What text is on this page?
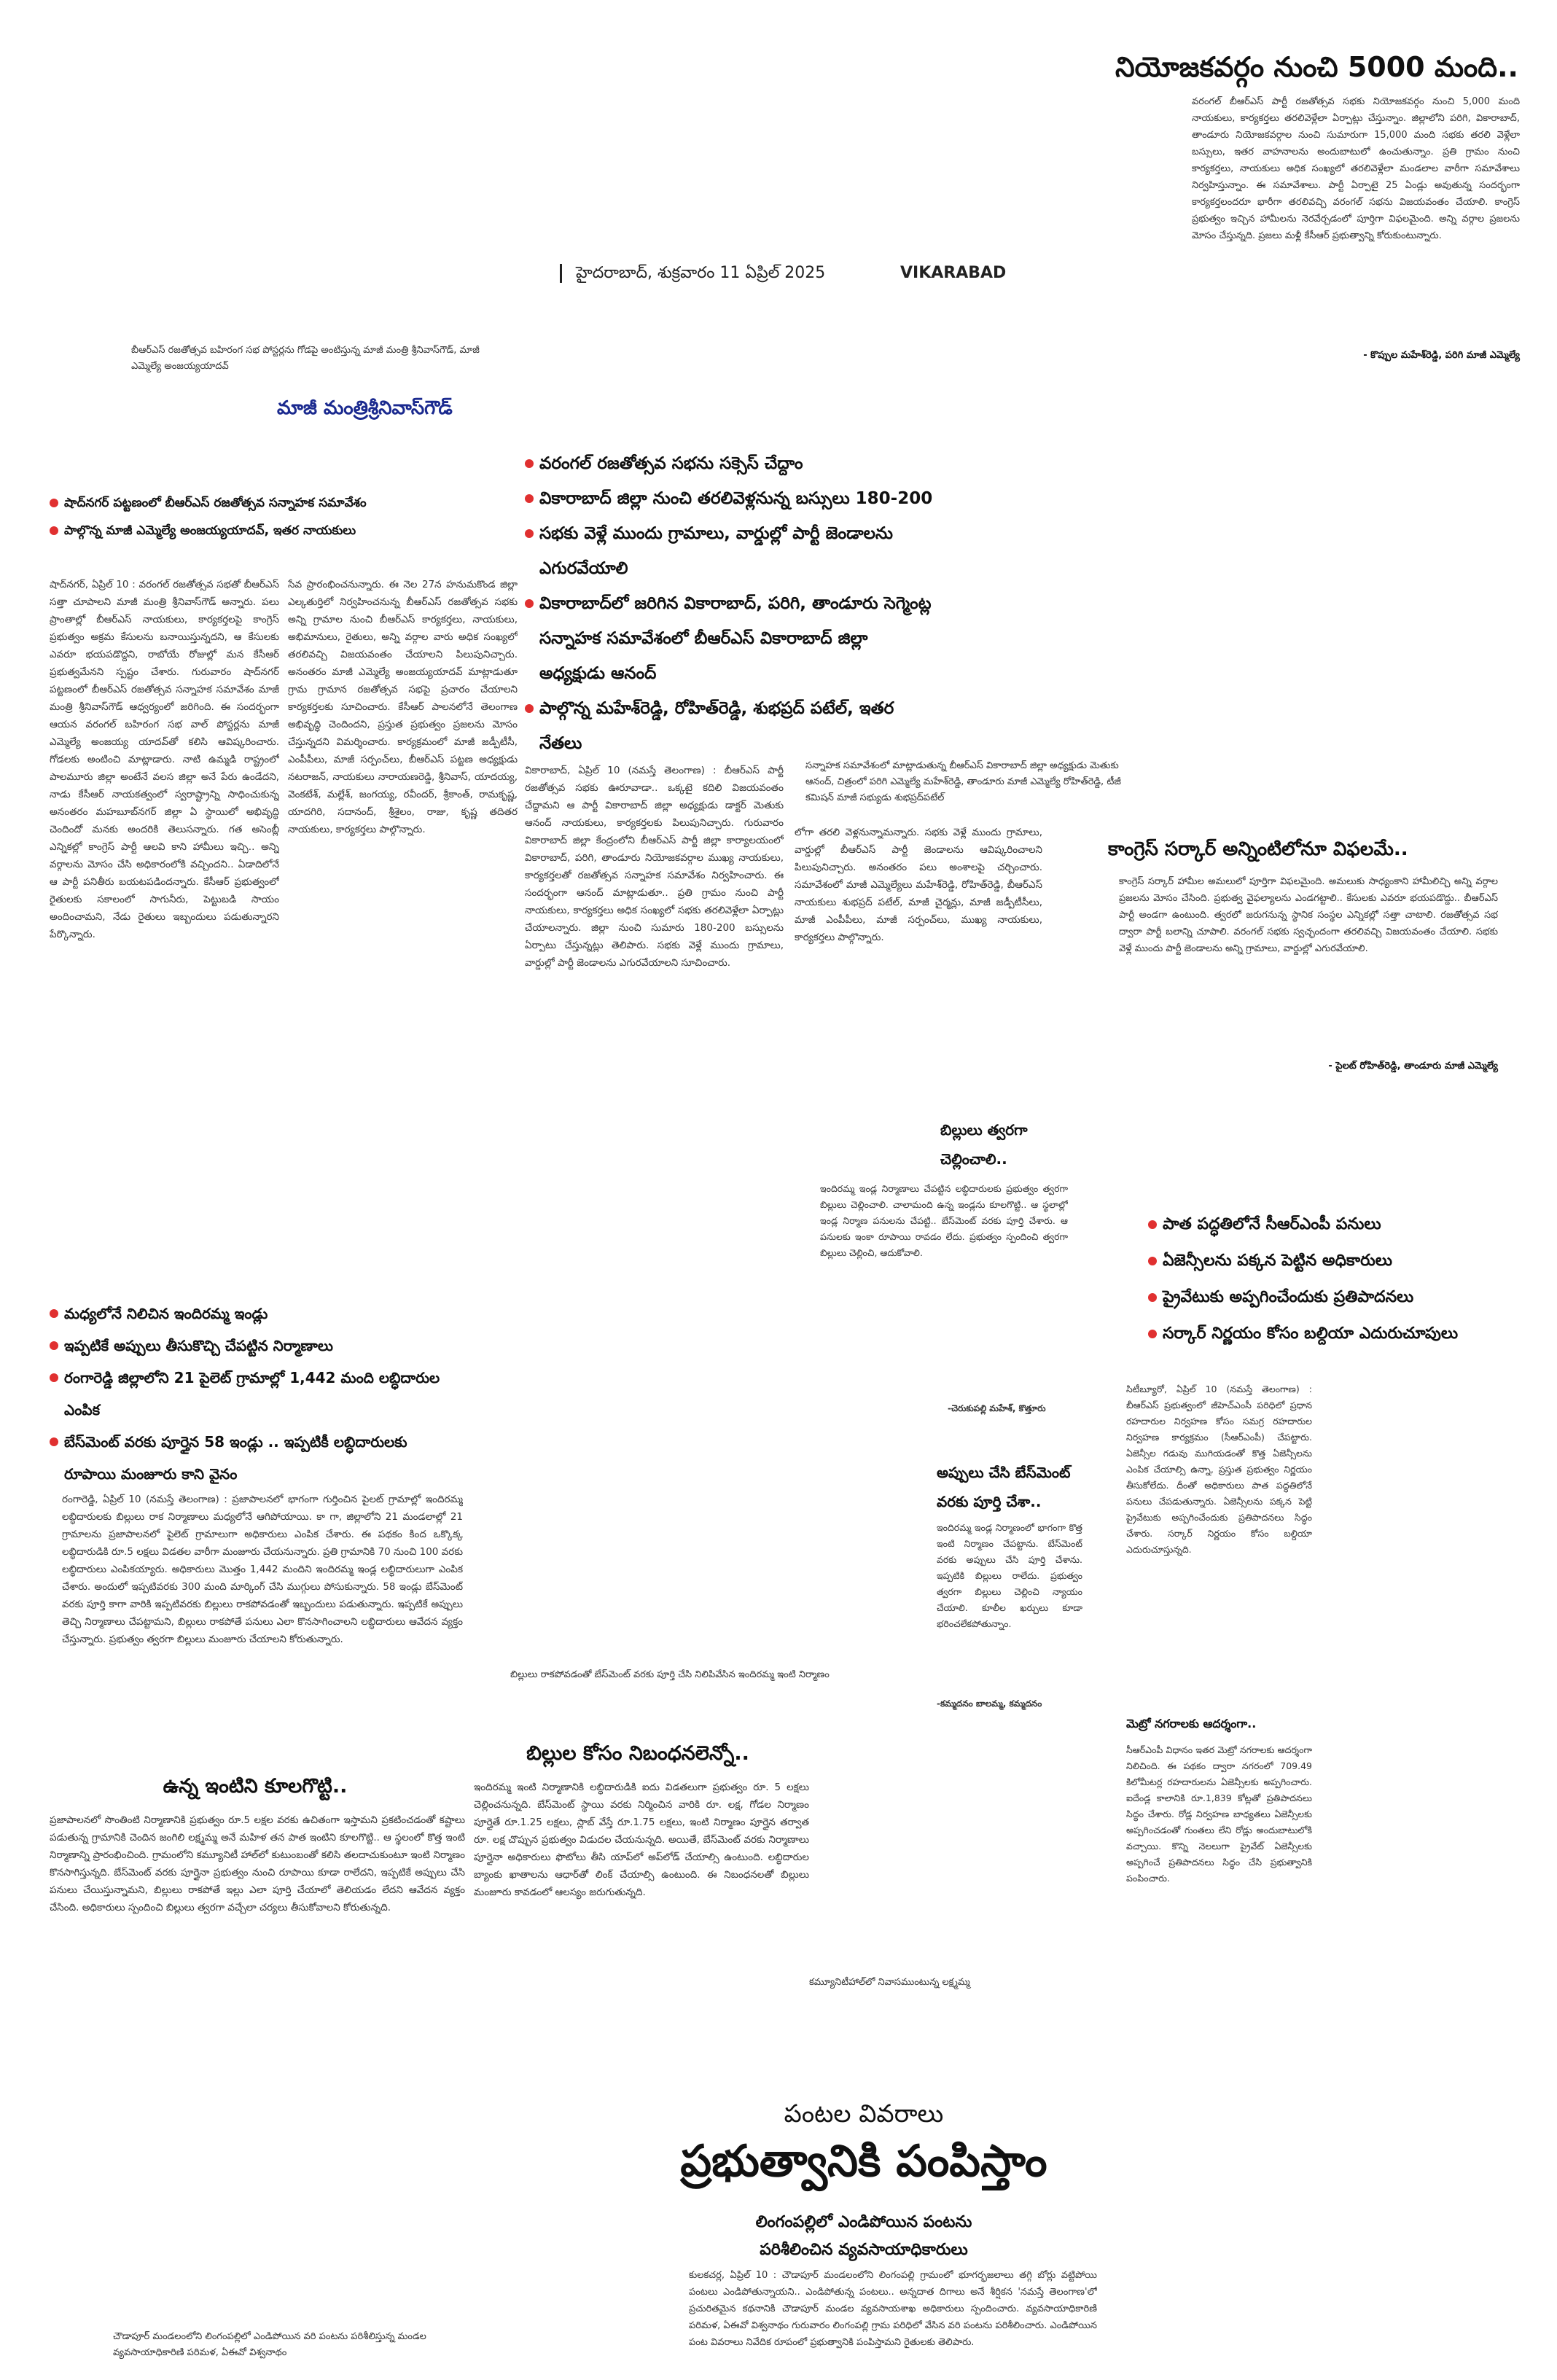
నియోజకవర్గం నుంచి 5000 మంది..
వరంగల్‌ బీఆర్‌ఎస్‌ పార్టీ రజతోత్సవ సభకు నియోజకవర్గం నుంచి 5,000 మంది నాయకులు, కార్యకర్తలు తరలివెళ్లేలా ఏర్పాట్లు చేస్తున్నాం. జిల్లాలోని పరిగి, వికారాబాద్‌, తాండూరు నియోజకవర్గాల నుంచి సుమారుగా 15,000 మంది సభకు తరలి వెళ్లేలా బస్సులు, ఇతర వాహనాలను అందుబాటులో ఉంచుతున్నాం. ప్రతి గ్రామం నుంచి కార్యకర్తలు, నాయకులు అధిక సంఖ్యలో తరలివెళ్లేలా మండలాల వారీగా సమావేశాలు నిర్వహిస్తున్నాం. ఈ సమావేశాలు. పార్టీ ఏర్పాటై 25 ఏండ్లు అవుతున్న సందర్భంగా కార్యకర్తలందరూ భారీగా తరలివచ్చి వరంగల్‌ సభను విజయవంతం చేయాలి. కాంగ్రెస్‌ ప్రభుత్వం ఇచ్చిన హామీలను నెరవేర్చడంలో పూర్తిగా విఫలమైంది. అన్ని వర్గాల ప్రజలను మోసం చేస్తున్నది. ప్రజలు మళ్లీ కేసీఆర్‌ ప్రభుత్వాన్ని కోరుకుంటున్నారు.
- కొప్పుల మహేశ్‌రెడ్డి, పరిగి మాజీ ఎమ్మెల్యే
హైదరాబాద్‌, శుక్రవారం 11 ఏప్రిల్‌ 2025	VIKARABAD
బీఆర్‌ఎస్‌ రజతోత్సవ బహిరంగ సభ పోస్టర్లను గోడపై అంటిస్తున్న మాజీ మంత్రి శ్రీనివాస్‌గౌడ్‌, మాజీ ఎమ్మెల్యే అంజయ్యయాదవ్‌
మాజీ మంత్రిశ్రీనివాస్‌గౌడ్‌
షాద్‌నగర్‌ పట్టణంలో బీఆర్‌ఎస్‌ రజతోత్సవ సన్నాహక సమావేశం
పాల్గొన్న మాజీ ఎమ్మెల్యే అంజయ్యయాదవ్‌, ఇతర నాయకులు
షాద్‌నగర్‌, ఏప్రిల్‌ 10 : వరంగల్‌ రజతోత్సవ సభతో బీఆర్‌ఎస్‌ సత్తా చూపాలని మాజీ మంత్రి శ్రీనివాస్‌గౌడ్‌ అన్నారు. పలు ప్రాంతాల్లో బీఆర్‌ఎస్‌ నాయకులు, కార్యకర్తలపై కాంగ్రెస్‌ ప్రభుత్వం అక్రమ కేసులను బనాయిస్తున్నదని, ఆ కేసులకు ఎవరూ భయపడొద్దని, రాబోయే రోజుల్లో మన కేసీఆర్‌ ప్రభుత్వమేనని స్పష్టం చేశారు. గురువారం షాద్‌నగర్‌ పట్టణంలో బీఆర్‌ఎస్‌ రజతోత్సవ సన్నాహక సమావేశం మాజీ మంత్రి శ్రీనివాస్‌గౌడ్‌ ఆధ్వర్యంలో జరిగింది. ఈ సందర్భంగా ఆయన వరంగల్‌ బహిరంగ సభ వాల్‌ పోస్టర్లను మాజీ ఎమ్మెల్యే అంజయ్య యాదవ్‌తో కలిసి ఆవిష్కరించారు. గోడలకు అంటించి మాట్లాడారు. నాటి ఉమ్మడి రాష్ట్రంలో పాలమూరు జిల్లా అంటేనే వలస జిల్లా అనే పేరు ఉండేదని, నాడు కేసీఆర్‌ నాయకత్వంలో స్వరాష్ట్రాన్ని సాధించుకున్న అనంతరం మహబూబ్‌నగర్‌ జిల్లా ఏ స్థాయిలో అభివృద్ధి చెందిందో మనకు అందరికి తెలుసన్నారు. గత అసెంబ్లీ ఎన్నికల్లో కాంగ్రెస్‌ పార్టీ ఆలవి కాని హామీలు ఇచ్చి.. అన్ని వర్గాలను మోసం చేసి అధికారంలోకి వచ్చిందని.. ఏడాదిలోనే ఆ పార్టీ పనితీరు బయటపడిందన్నారు. కేసీఆర్‌ ప్రభుత్వంలో రైతులకు సకాలంలో సాగునీరు, పెట్టుబడి సాయం అందించామని, నేడు రైతులు ఇబ్బందులు పడుతున్నారని పేర్కొన్నారు.
సేవ ప్రారంభించనున్నారు. ఈ నెల 27న హనుమకొండ జిల్లా ఎల్కతుర్తిలో నిర్వహించనున్న బీఆర్‌ఎస్‌ రజతోత్సవ సభకు అన్ని గ్రామాల నుంచి బీఆర్‌ఎస్‌ కార్యకర్తలు, నాయకులు, అభిమానులు, రైతులు, అన్ని వర్గాల వారు అధిక సంఖ్యలో తరలివచ్చి విజయవంతం చేయాలని పిలుపునిచ్చారు. అనంతరం మాజీ ఎమ్మెల్యే అంజయ్యయాదవ్‌ మాట్లాడుతూ గ్రామ గ్రామాన రజతోత్సవ సభపై ప్రచారం చేయాలని కార్యకర్తలకు సూచించారు. కేసీఆర్‌ పాలనలోనే తెలంగాణ అభివృద్ధి చెందిందని, ప్రస్తుత ప్రభుత్వం ప్రజలను మోసం చేస్తున్నదని విమర్శించారు. కార్యక్రమంలో మాజీ జడ్పీటీసీ, ఎంపీపీలు, మాజీ సర్పంచ్‌లు, బీఆర్‌ఎస్‌ పట్టణ అధ్యక్షుడు నటరాజన్‌, నాయకులు నారాయణరెడ్డి, శ్రీనివాస్‌, యాదయ్య, వెంకటేశ్‌, మల్లేశ్‌, జంగయ్య, రవీందర్‌, శ్రీకాంత్‌, రామకృష్ణ, యాదగిరి, సదానంద్‌, శ్రీశైలం, రాజు, కృష్ణ తదితర నాయకులు, కార్యకర్తలు పాల్గొన్నారు.
వరంగల్‌ రజతోత్సవ సభను సక్సెస్‌ చేద్దాం
వికారాబాద్‌ జిల్లా నుంచి తరలివెళ్లనున్న బస్సులు 180-200
సభకు వెళ్లే ముందు గ్రామాలు, వార్డుల్లో పార్టీ జెండాలను ఎగురవేయాలి
వికారాబాద్‌లో జరిగిన వికారాబాద్‌, పరిగి, తాండూరు సెగ్మెంట్ల సన్నాహక సమావేశంలో బీఆర్‌ఎస్‌ వికారాబాద్‌ జిల్లా అధ్యక్షుడు ఆనంద్‌
పాల్గొన్న మహేశ్‌రెడ్డి, రోహిత్‌రెడ్డి, శుభప్రద్‌ పటేల్‌, ఇతర నేతలు
వికారాబాద్‌, ఏప్రిల్‌ 10 (నమస్తే తెలంగాణ) : బీఆర్‌ఎస్‌ పార్టీ రజతోత్సవ సభకు ఊరూవాడా.. ఒక్కటై కదిలి విజయవంతం చేద్దామని ఆ పార్టీ వికారాబాద్‌ జిల్లా అధ్యక్షుడు డాక్టర్‌ మెతుకు ఆనంద్‌ నాయకులు, కార్యకర్తలకు పిలుపునిచ్చారు. గురువారం వికారాబాద్‌ జిల్లా కేంద్రంలోని బీఆర్‌ఎస్‌ పార్టీ జిల్లా కార్యాలయంలో వికారాబాద్‌, పరిగి, తాండూరు నియోజకవర్గాల ముఖ్య నాయకులు, కార్యకర్తలతో రజతోత్సవ సన్నాహక సమావేశం నిర్వహించారు. ఈ సందర్భంగా ఆనంద్‌ మాట్లాడుతూ.. ప్రతి గ్రామం నుంచి పార్టీ నాయకులు, కార్యకర్తలు అధిక సంఖ్యలో సభకు తరలివెళ్లేలా ఏర్పాట్లు చేయాలన్నారు. జిల్లా నుంచి సుమారు 180-200 బస్సులను ఏర్పాటు చేస్తున్నట్లు తెలిపారు. సభకు వెళ్లే ముందు గ్రామాలు, వార్డుల్లో పార్టీ జెండాలను ఎగురవేయాలని సూచించారు.
లోగా తరలి వెళ్లనున్నామన్నారు. సభకు వెళ్లే ముందు గ్రామాలు, వార్డుల్లో బీఆర్‌ఎస్‌ పార్టీ జెండాలను ఆవిష్కరించాలని పిలుపునిచ్చారు. అనంతరం పలు అంశాలపై చర్చించారు. సమావేశంలో మాజీ ఎమ్మెల్యేలు మహేశ్‌రెడ్డి, రోహిత్‌రెడ్డి, బీఆర్‌ఎస్‌ నాయకులు శుభప్రద్‌ పటేల్‌, మాజీ చైర్మన్లు, మాజీ జడ్పీటీసీలు, మాజీ ఎంపీపీలు, మాజీ సర్పంచ్‌లు, ముఖ్య నాయకులు, కార్యకర్తలు పాల్గొన్నారు.
సన్నాహక సమావేశంలో మాట్లాడుతున్న బీఆర్‌ఎస్‌ వికారాబాద్‌ జిల్లా అధ్యక్షుడు మెతుకు ఆనంద్‌, చిత్రంలో పరిగి ఎమ్మెల్యే మహేశ్‌రెడ్డి, తాండూరు మాజీ ఎమ్మెల్యే రోహిత్‌రెడ్డి, టీజీ కమిషన్‌ మాజీ సభ్యుడు శుభప్రద్‌పటేల్‌
కాంగ్రెస్‌ సర్కార్‌ అన్నింటిలోనూ విఫలమే..
కాంగ్రెస్‌ సర్కార్‌ హామీల అమలులో పూర్తిగా విఫలమైంది. అమలుకు సాధ్యంకాని హామీలిచ్చి అన్ని వర్గాల ప్రజలను మోసం చేసింది. ప్రభుత్వ వైఫల్యాలను ఎండగట్టాలి.. కేసులకు ఎవరూ భయపడొద్దు.. బీఆర్‌ఎస్‌ పార్టీ అండగా ఉంటుంది. త్వరలో జరుగనున్న స్థానిక సంస్థల ఎన్నికల్లో సత్తా చాటాలి. రజతోత్సవ సభ ద్వారా పార్టీ బలాన్ని చూపాలి. వరంగల్‌ సభకు స్వచ్ఛందంగా తరలివచ్చి విజయవంతం చేయాలి. సభకు వెళ్లే ముందు పార్టీ జెండాలను అన్ని గ్రామాలు, వార్డుల్లో ఎగురవేయాలి.
- పైలట్‌ రోహిత్‌రెడ్డి, తాండూరు మాజీ ఎమ్మెల్యే
బిల్లులు త్వరగా చెల్లించాలి..
ఇందిరమ్మ ఇండ్ల నిర్మాణాలు చేపట్టిన లబ్ధిదారులకు ప్రభుత్వం త్వరగా బిల్లులు చెల్లించాలి. చాలామంది ఉన్న ఇండ్లను కూలగొట్టి.. ఆ స్థలాల్లో ఇండ్ల నిర్మాణ పనులను చేపట్టి.. బేస్‌మెంట్‌ వరకు పూర్తి చేశారు. ఆ పనులకు ఇంకా రూపాయి రావడం లేదు. ప్రభుత్వం స్పందించి త్వరగా బిల్లులు చెల్లించి, ఆదుకోవాలి.
-చెరుకుపల్లి మహేశ్‌, కొత్తూరు
అప్పులు చేసి బేస్‌మెంట్‌ వరకు పూర్తి చేశా..
ఇందిరమ్మ ఇండ్ల నిర్మాణంలో భాగంగా కొత్త ఇంటి నిర్మాణం చేపట్టాను. బేస్‌మెంట్‌ వరకు అప్పులు చేసి పూర్తి చేశాను. ఇప్పటికి బిల్లులు రాలేదు. ప్రభుత్వం త్వరగా బిల్లులు చెల్లించి న్యాయం చేయాలి. కూలీల ఖర్చులు కూడా భరించలేకపోతున్నాం.
-కమ్మదనం బాలమ్మ, కమ్మదనం
పాత పద్ధతిలోనే సీఆర్‌ఎంపీ పనులు
ఏజెన్సీలను పక్కన పెట్టిన అధికారులు
ప్రైవేటుకు అప్పగించేందుకు ప్రతిపాదనలు
సర్కార్‌ నిర్ణయం కోసం బల్దియా ఎదురుచూపులు
సిటీబ్యూరో, ఏప్రిల్‌ 10 (నమస్తే తెలంగాణ) : బీఆర్‌ఎస్‌ ప్రభుత్వంలో జీహెచ్‌ఎంసీ పరిధిలో ప్రధాన రహదారుల నిర్వహణ కోసం సమగ్ర రహదారుల నిర్వహణ కార్యక్రమం (సీఆర్‌ఎంపీ) చేపట్టారు. ఏజెన్సీల గడువు ముగియడంతో కొత్త ఏజెన్సీలను ఎంపిక చేయాల్సి ఉన్నా, ప్రస్తుత ప్రభుత్వం నిర్ణయం తీసుకోలేదు. దీంతో అధికారులు పాత పద్ధతిలోనే పనులు చేపడుతున్నారు. ఏజెన్సీలను పక్కన పెట్టి ప్రైవేటుకు అప్పగించేందుకు ప్రతిపాదనలు సిద్ధం చేశారు. సర్కార్‌ నిర్ణయం కోసం బల్దియా ఎదురుచూస్తున్నది.
మెట్రో నగరాలకు ఆదర్శంగా..
సీఆర్‌ఎంపీ విధానం ఇతర మెట్రో నగరాలకు ఆదర్శంగా నిలిచింది. ఈ పథకం ద్వారా నగరంలో 709.49 కిలోమీటర్ల రహదారులను ఏజెన్సీలకు అప్పగించారు. ఐదేండ్ల కాలానికి రూ.1,839 కోట్లతో ప్రతిపాదనలు సిద్ధం చేశారు. రోడ్ల నిర్వహణ బాధ్యతలు ఏజెన్సీలకు అప్పగించడంతో గుంతలు లేని రోడ్లు అందుబాటులోకి వచ్చాయి. కొన్ని నెలలుగా ప్రైవేట్‌ ఏజెన్సీలకు అప్పగించే ప్రతిపాదనలు సిద్ధం చేసి ప్రభుత్వానికి పంపించారు.
మధ్యలోనే నిలిచిన ఇందిరమ్మ ఇండ్లు
ఇప్పటికే అప్పులు తీసుకొచ్చి చేపట్టిన నిర్మాణాలు
రంగారెడ్డి జిల్లాలోని 21 పైలెట్‌ గ్రామాల్లో 1,442 మంది లబ్ధిదారుల ఎంపిక
బేస్‌మెంట్‌ వరకు పూర్తైన 58 ఇండ్లు .. ఇప్పటికీ లబ్ధిదారులకు రూపాయి మంజూరు కాని వైనం
రంగారెడ్డి, ఏప్రిల్‌ 10 (నమస్తే తెలంగాణ) : ప్రజాపాలనలో భాగంగా గుర్తించిన పైలట్‌ గ్రామాల్లో ఇందిరమ్మ లబ్ధిదారులకు బిల్లులు రాక నిర్మాణాలు మధ్యలోనే ఆగిపోయాయి. కా గా, జిల్లాలోని 21 మండలాల్లో 21 గ్రామాలను ప్రజాపాలనలో పైలెట్‌ గ్రామాలుగా అధికారులు ఎంపిక చేశారు. ఈ పథకం కింద ఒక్కొక్క లబ్ధిదారుడికి రూ.5 లక్షలు విడతల వారీగా మంజూరు చేయనున్నారు. ప్రతి గ్రామానికి 70 నుంచి 100 వరకు లబ్ధిదారులు ఎంపికయ్యారు. అధికారులు మొత్తం 1,442 మందిని ఇందిరమ్మ ఇండ్ల లబ్ధిదారులుగా ఎంపిక చేశారు. అందులో ఇప్పటివరకు 300 మంది మార్కింగ్‌ చేసి ముగ్గులు పోసుకున్నారు. 58 ఇండ్లు బేస్‌మెంట్‌ వరకు పూర్తి కాగా వారికి ఇప్పటివరకు బిల్లులు రాకపోవడంతో ఇబ్బందులు పడుతున్నారు. ఇప్పటికే అప్పులు తెచ్చి నిర్మాణాలు చేపట్టామని, బిల్లులు రాకపోతే పనులు ఎలా కొనసాగించాలని లబ్ధిదారులు ఆవేదన వ్యక్తం చేస్తున్నారు. ప్రభుత్వం త్వరగా బిల్లులు మంజూరు చేయాలని కోరుతున్నారు.
ఉన్న ఇంటిని కూలగొట్టి..
ప్రజాపాలనలో సొంతింటి నిర్మాణానికి ప్రభుత్వం రూ.5 లక్షల వరకు ఉచితంగా ఇస్తామని ప్రకటించడంతో కష్టాలు పడుతున్న గ్రామానికి చెందిన జంగిలి లక్ష్మమ్మ అనే మహిళ తన పాత ఇంటిని కూలగొట్టి.. ఆ స్థలంలో కొత్త ఇంటి నిర్మాణాన్ని ప్రారంభించింది. గ్రామంలోని కమ్యూనిటీ హాల్‌లో కుటుంబంతో కలిసి తలదాచుకుంటూ ఇంటి నిర్మాణం కొనసాగిస్తున్నది. బేస్‌మెంట్‌ వరకు పూర్తైనా ప్రభుత్వం నుంచి రూపాయి కూడా రాలేదని, ఇప్పటికే అప్పులు చేసి పనులు చేయిస్తున్నామని, బిల్లులు రాకపోతే ఇల్లు ఎలా పూర్తి చేయాలో తెలియడం లేదని ఆవేదన వ్యక్తం చేసింది. అధికారులు స్పందించి బిల్లులు త్వరగా వచ్చేలా చర్యలు తీసుకోవాలని కోరుతున్నది.
బిల్లులు రాకపోవడంతో బేస్‌మెంట్‌ వరకు పూర్తి చేసి నిలిపివేసిన ఇందిరమ్మ ఇంటి నిర్మాణం
బిల్లుల కోసం నిబంధనలెన్నో..
ఇందిరమ్మ ఇంటి నిర్మాణానికి లబ్ధిదారుడికి ఐదు విడతలుగా ప్రభుత్వం రూ. 5 లక్షలు చెల్లించనున్నది. బేస్‌మెంట్‌ స్థాయి వరకు నిర్మించిన వారికి రూ. లక్ష, గోడల నిర్మాణం పూర్తైతే రూ.1.25 లక్షలు, స్లాబ్‌ వేస్తే రూ.1.75 లక్షలు, ఇంటి నిర్మాణం పూర్తైన తర్వాత రూ. లక్ష చొప్పున ప్రభుత్వం విడుదల చేయనున్నది. అయితే, బేస్‌మెంట్‌ వరకు నిర్మాణాలు పూర్తైనా అధికారులు ఫొటోలు తీసి యాప్‌లో అప్‌లోడ్‌ చేయాల్సి ఉంటుంది. లబ్ధిదారుల బ్యాంకు ఖాతాలను ఆధార్‌తో లింక్‌ చేయాల్సి ఉంటుంది. ఈ నిబంధనలతో బిల్లులు మంజూరు కావడంలో ఆలస్యం జరుగుతున్నది.
కమ్యూనిటీహాల్‌లో నివాసముంటున్న లక్ష్మమ్మ
పంటల వివరాలు
ప్రభుత్వానికి పంపిస్తాం
లింగంపల్లిలో ఎండిపోయిన పంటను
పరిశీలించిన వ్యవసాయాధికారులు
కులకచర్ల, ఏప్రిల్‌ 10 : చౌడాపూర్‌ మండలంలోని లింగంపల్లి గ్రామంలో భూగర్భజలాలు తగ్గి బోర్లు వట్టిపోయి పంటలు ఎండిపోతున్నాయని.. ఎండిపోతున్న పంటలు.. అన్నదాత దిగాలు అనే శీర్షికన 'నమస్తే తెలంగాణ'లో ప్రచురితమైన కథనానికి చౌడాపూర్‌ మండల వ్యవసాయశాఖ అధికారులు స్పందించారు. వ్యవసాయాధికారిణి పరిమళ, ఏఈవో విశ్వనాథం గురువారం లింగంపల్లి గ్రామ పరిధిలో వేసిన వరి పంటను పరిశీలించారు. ఎండిపోయిన పంట వివరాలు నివేదిక రూపంలో ప్రభుత్వానికి పంపిస్తామని రైతులకు తెలిపారు.
చౌడాపూర్‌ మండలంలోని లింగంపల్లిలో ఎండిపోయిన వరి పంటను పరిశీలిస్తున్న మండల వ్యవసాయాధికారిణి పరిమళ, ఏఈవో విశ్వనాథం
